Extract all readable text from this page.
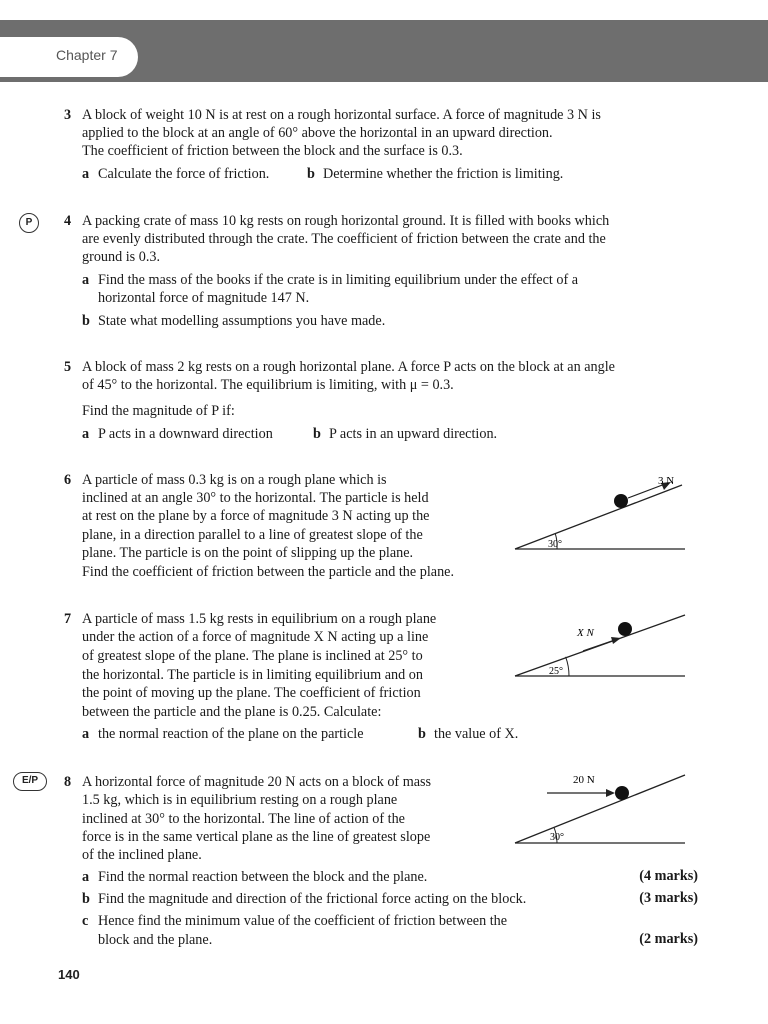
Chapter 7
3 A block of weight 10 N is at rest on a rough horizontal surface. A force of magnitude 3 N is
applied to the block at an angle of 60° above the horizontal in an upward direction.
The coefficient of friction between the block and the surface is 0.3.
a Calculate the force of friction.	b Determine whether the friction is limiting.
P	4 A packing crate of mass 10 kg rests on rough horizontal ground. It is filled with books which
are evenly distributed through the crate. The coefficient of friction between the crate and the
ground is 0.3.
a Find the mass of the books if the crate is in limiting equilibrium under the effect of a
horizontal force of magnitude 147 N.
b State what modelling assumptions you have made.
5 A block of mass 2 kg rests on a rough horizontal plane. A force P acts on the block at an angle
of 45° to the horizontal. The equilibrium is limiting, with μ = 0.3.
Find the magnitude of P if:
a P acts in a downward direction	b P acts in an upward direction.
6 A particle of mass 0.3 kg is on a rough plane which is
inclined at an angle 30° to the horizontal. The particle is held
at rest on the plane by a force of magnitude 3 N acting up the
plane, in a direction parallel to a line of greatest slope of the
plane. The particle is on the point of slipping up the plane.
Find the coefficient of friction between the particle and the plane.
30°
3 N
7 A particle of mass 1.5 kg rests in equilibrium on a rough plane
under the action of a force of magnitude X N acting up a line
of greatest slope of the plane. The plane is inclined at 25° to
the horizontal. The particle is in limiting equilibrium and on
the point of moving up the plane. The coefficient of friction
between the particle and the plane is 0.25. Calculate:
a the normal reaction of the plane on the particle	b the value of X.
25°
X N
E/P	8 A horizontal force of magnitude 20 N acts on a block of mass
1.5 kg, which is in equilibrium resting on a rough plane
inclined at 30° to the horizontal. The line of action of the
force is in the same vertical plane as the line of greatest slope
of the inclined plane.
a Find the normal reaction between the block and the plane.	(4 marks)
b Find the magnitude and direction of the frictional force acting on the block.	(3 marks)
c Hence find the minimum value of the coefficient of friction between the
block and the plane.	(2 marks)
30°
20 N
140
